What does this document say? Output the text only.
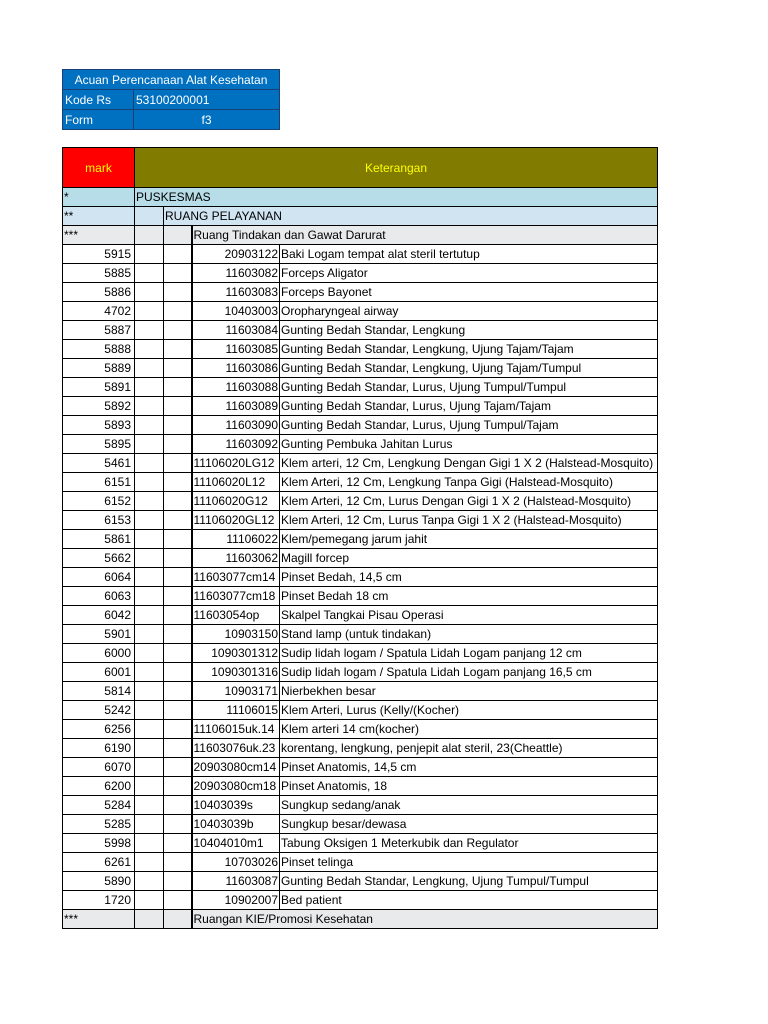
Acuan Perencanaan Alat Kesehatan	
Kode Rs	53100200001
Form	f3
mark	Keterangan			
*	PUSKESMAS			
**		RUANG PELAYANAN		
***			Ruang Tindakan dan Gawat Darurat	
5915			20903122	Baki Logam tempat alat steril tertutup
5885			11603082	Forceps Aligator
5886			11603083	Forceps Bayonet
4702			10403003	Oropharyngeal airway
5887			11603084	Gunting Bedah Standar, Lengkung
5888			11603085	Gunting Bedah Standar, Lengkung, Ujung Tajam/Tajam
5889			11603086	Gunting Bedah Standar, Lengkung, Ujung Tajam/Tumpul
5891			11603088	Gunting Bedah Standar, Lurus, Ujung Tumpul/Tumpul
5892			11603089	Gunting Bedah Standar, Lurus, Ujung Tajam/Tajam
5893			11603090	Gunting Bedah Standar, Lurus, Ujung Tumpul/Tajam
5895			11603092	Gunting Pembuka Jahitan Lurus
5461			11106020LG12	Klem arteri, 12 Cm, Lengkung Dengan Gigi 1 X 2 (Halstead-Mosquito)
6151			11106020L12	Klem Arteri, 12 Cm, Lengkung Tanpa Gigi (Halstead-Mosquito)
6152			11106020G12	Klem Arteri, 12 Cm, Lurus Dengan Gigi 1 X 2 (Halstead-Mosquito)
6153			11106020GL12	Klem Arteri, 12 Cm, Lurus Tanpa Gigi 1 X 2 (Halstead-Mosquito)
5861			11106022	Klem/pemegang jarum jahit
5662			11603062	Magill forcep
6064			11603077cm14	Pinset Bedah, 14,5 cm
6063			11603077cm18	Pinset Bedah 18 cm
6042			11603054op	Skalpel Tangkai Pisau Operasi
5901			10903150	Stand lamp (untuk tindakan)
6000			1090301312	Sudip lidah logam / Spatula Lidah Logam panjang 12 cm
6001			1090301316	Sudip lidah logam / Spatula Lidah Logam panjang 16,5 cm
5814			10903171	Nierbekhen besar
5242			11106015	Klem Arteri, Lurus (Kelly/(Kocher)
6256			11106015uk.14	Klem arteri 14 cm(kocher)
6190			11603076uk.23	korentang, lengkung, penjepit alat steril, 23(Cheattle)
6070			20903080cm14	Pinset Anatomis, 14,5 cm
6200			20903080cm18	Pinset Anatomis, 18
5284			10403039s	Sungkup sedang/anak
5285			10403039b	Sungkup besar/dewasa
5998			10404010m1	Tabung Oksigen 1 Meterkubik dan Regulator
6261			10703026	Pinset telinga
5890			11603087	Gunting Bedah Standar, Lengkung, Ujung Tumpul/Tumpul
1720			10902007	Bed patient
***			Ruangan KIE/Promosi Kesehatan	
